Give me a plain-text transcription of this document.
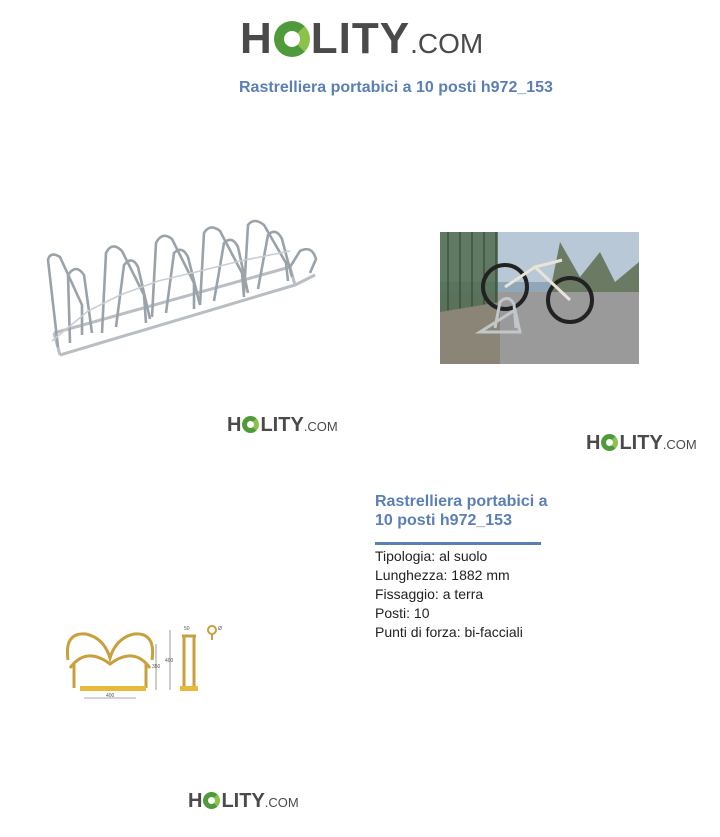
H LITY .COM
Rastrelliera portabici a 10 posti h972_153
H LITY .COM
H LITY .COM
Rastrelliera portabici a
10 posti h972_153
Tipologia: al suolo
Lunghezza: 1882 mm
Fissaggio: a terra
Posti: 10
Punti di forza: bi-facciali
400
350
400
50	Ø
H LITY .COM
